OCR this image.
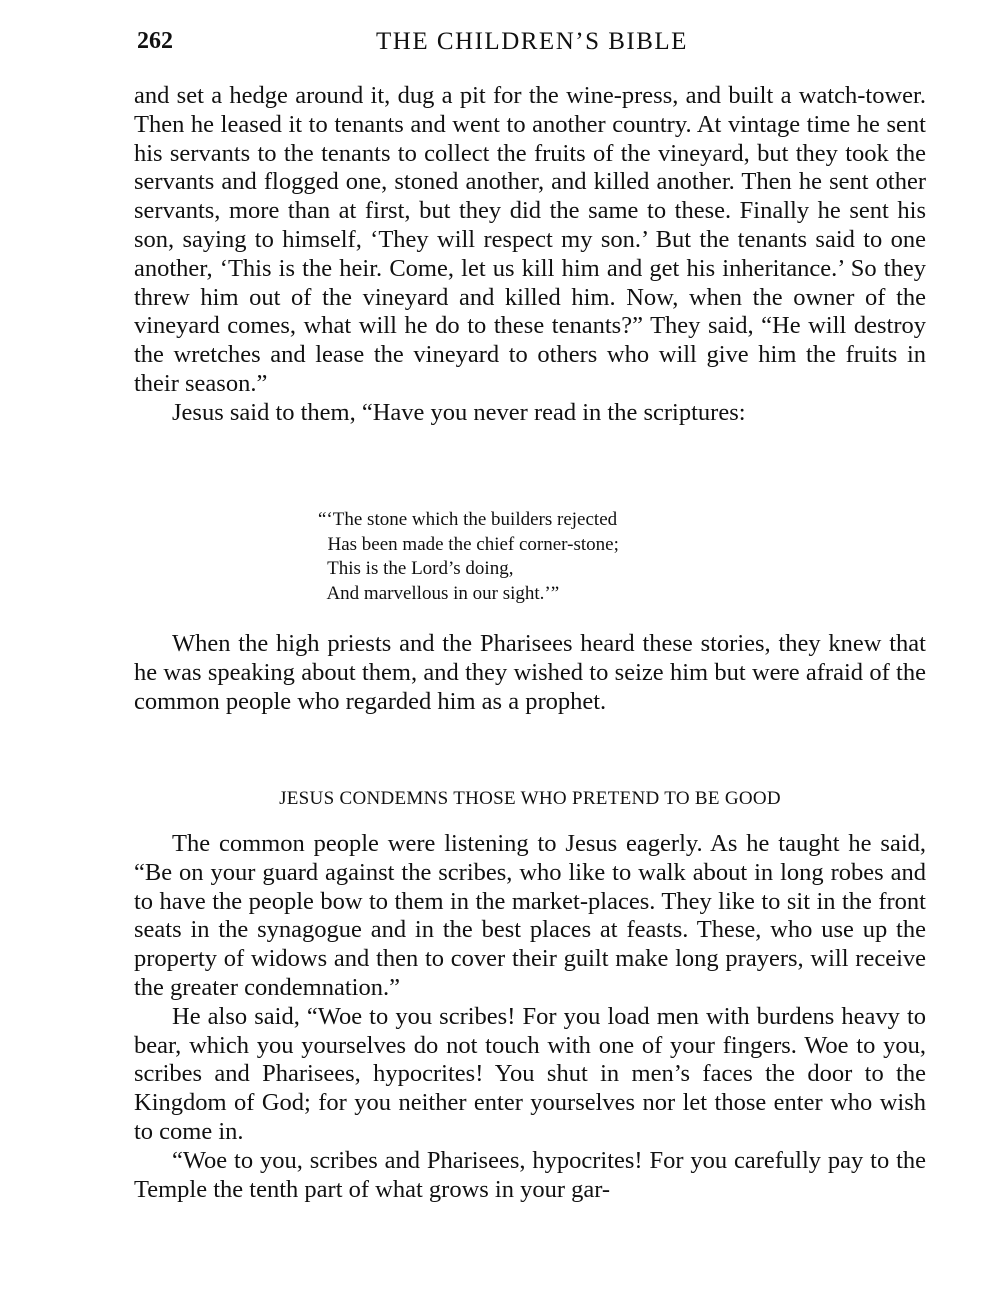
262	THE CHILDREN’S BIBLE

and set a hedge around it, dug a pit for the wine-press, and built a watch-tower. Then he leased it to tenants and went to another country. At vintage time he sent his servants to the tenants to collect the fruits of the vineyard, but they took the servants and flogged one, stoned another, and killed another. Then he sent other servants, more than at first, but they did the same to these. Finally he sent his son, saying to himself, ‘They will respect my son.’ But the tenants said to one another, ‘This is the heir. Come, let us kill him and get his inheritance.’ So they threw him out of the vineyard and killed him. Now, when the owner of the vineyard comes, what will he do to these tenants?” They said, “He will destroy the wretches and lease the vineyard to others who will give him the fruits in their season.”

Jesus said to them, “Have you never read in the scriptures:

“‘The stone which the builders rejected
Has been made the chief corner-stone;
This is the Lord’s doing,
And marvellous in our sight.’”

When the high priests and the Pharisees heard these stories, they knew that he was speaking about them, and they wished to seize him but were afraid of the common people who regarded him as a prophet.

JESUS CONDEMNS THOSE WHO PRETEND TO BE GOOD

The common people were listening to Jesus eagerly. As he taught he said, “Be on your guard against the scribes, who like to walk about in long robes and to have the people bow to them in the market-places. They like to sit in the front seats in the synagogue and in the best places at feasts. These, who use up the property of widows and then to cover their guilt make long prayers, will receive the greater condemnation.”

He also said, “Woe to you scribes! For you load men with burdens heavy to bear, which you yourselves do not touch with one of your fingers. Woe to you, scribes and Pharisees, hypocrites! You shut in men’s faces the door to the Kingdom of God; for you neither enter yourselves nor let those enter who wish to come in.

“Woe to you, scribes and Pharisees, hypocrites! For you carefully pay to the Temple the tenth part of what grows in your gar-
